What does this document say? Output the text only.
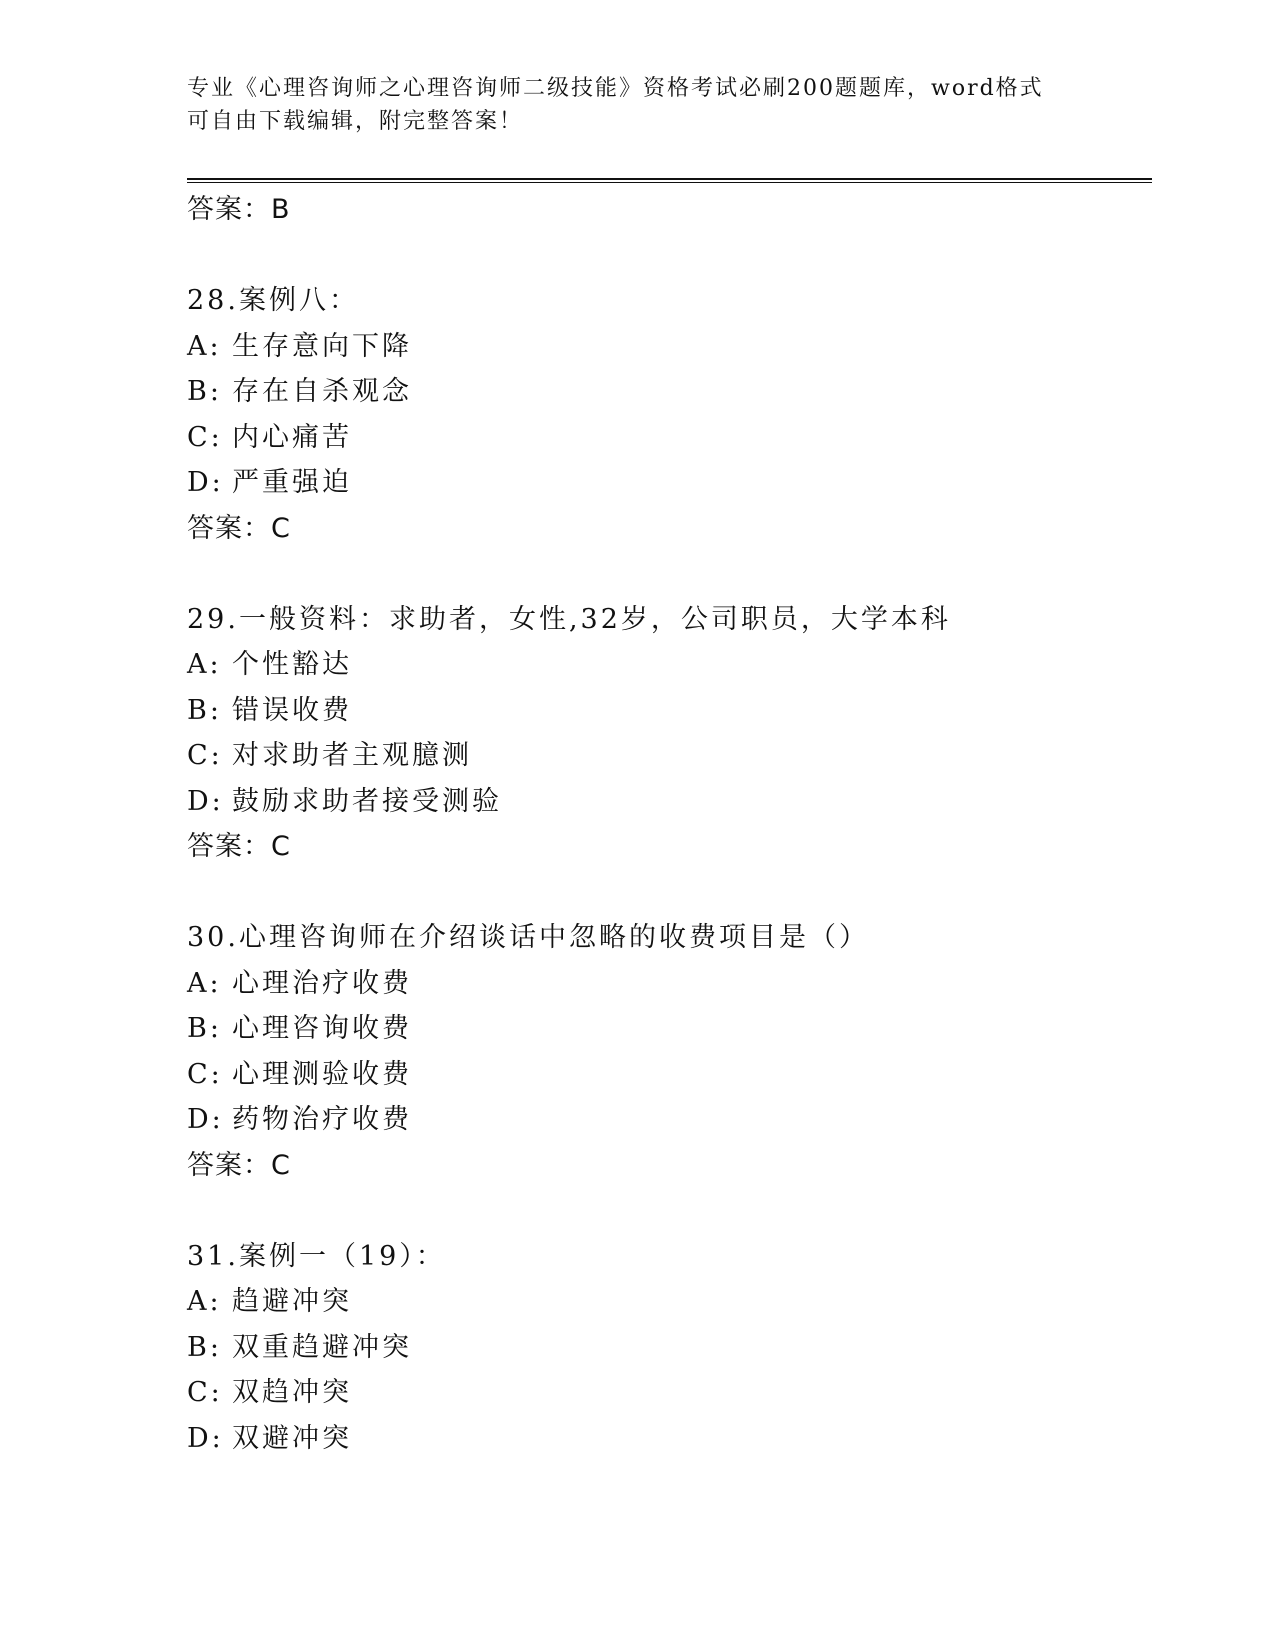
专业《心理咨询师之心理咨询师二级技能》资格考试必刷200题题库，word格式
可自由下载编辑，附完整答案！
答案：B
28.案例八：
A: 生存意向下降
B: 存在自杀观念
C: 内心痛苦
D: 严重强迫
答案：C
29.一般资料：求助者，女性,32岁，公司职员，大学本科
A: 个性豁达
B: 错误收费
C: 对求助者主观臆测
D: 鼓励求助者接受测验
答案：C
30.心理咨询师在介绍谈话中忽略的收费项目是（）
A: 心理治疗收费
B: 心理咨询收费
C: 心理测验收费
D: 药物治疗收费
答案：C
31.案例一（19）：
A: 趋避冲突
B: 双重趋避冲突
C: 双趋冲突
D: 双避冲突
